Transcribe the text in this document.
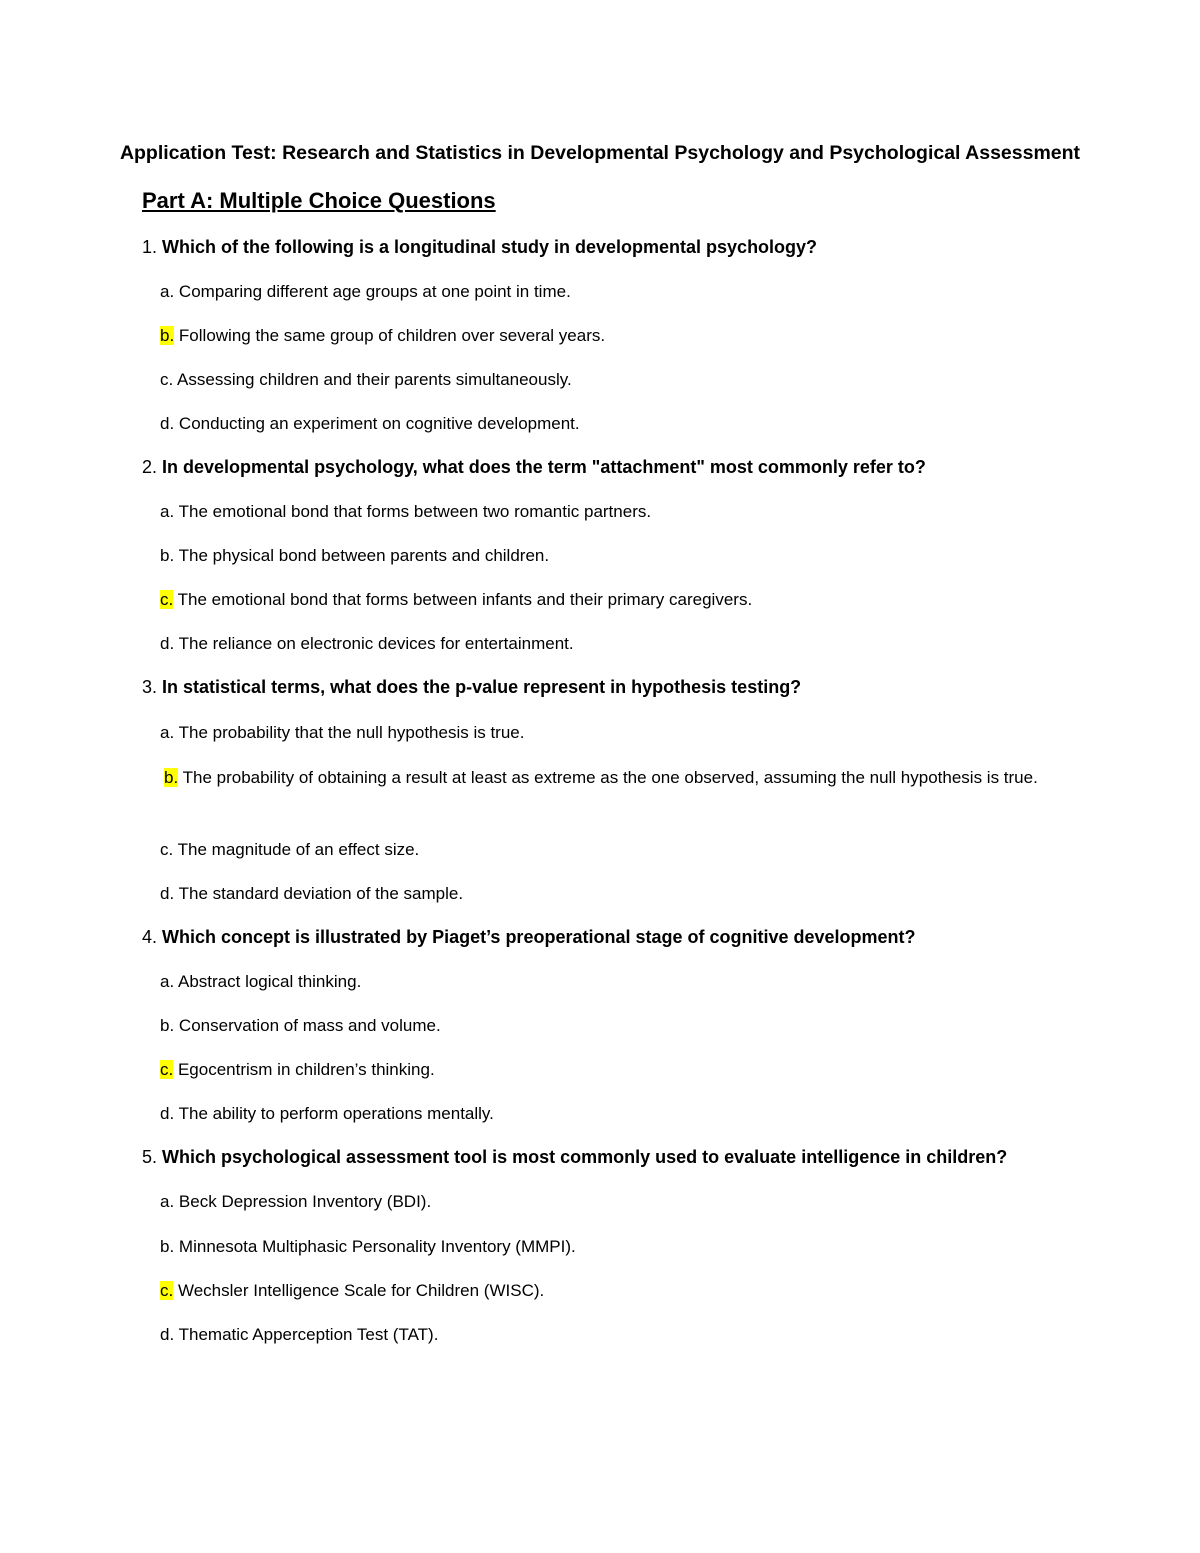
Application Test: Research and Statistics in Developmental Psychology and Psychological Assessment
Part A: Multiple Choice Questions
1. Which of the following is a longitudinal study in developmental psychology?
a. Comparing different age groups at one point in time.
b. Following the same group of children over several years.
c. Assessing children and their parents simultaneously.
d. Conducting an experiment on cognitive development.
2. In developmental psychology, what does the term "attachment" most commonly refer to?
a. The emotional bond that forms between two romantic partners.
b. The physical bond between parents and children.
c. The emotional bond that forms between infants and their primary caregivers.
d. The reliance on electronic devices for entertainment.
3. In statistical terms, what does the p-value represent in hypothesis testing?
a. The probability that the null hypothesis is true.
b. The probability of obtaining a result at least as extreme as the one observed, assuming the null hypothesis is true.
c. The magnitude of an effect size.
d. The standard deviation of the sample.
4. Which concept is illustrated by Piaget’s preoperational stage of cognitive development?
a. Abstract logical thinking.
b. Conservation of mass and volume.
c. Egocentrism in children’s thinking.
d. The ability to perform operations mentally.
5. Which psychological assessment tool is most commonly used to evaluate intelligence in children?
a. Beck Depression Inventory (BDI).
b. Minnesota Multiphasic Personality Inventory (MMPI).
c. Wechsler Intelligence Scale for Children (WISC).
d. Thematic Apperception Test (TAT).
